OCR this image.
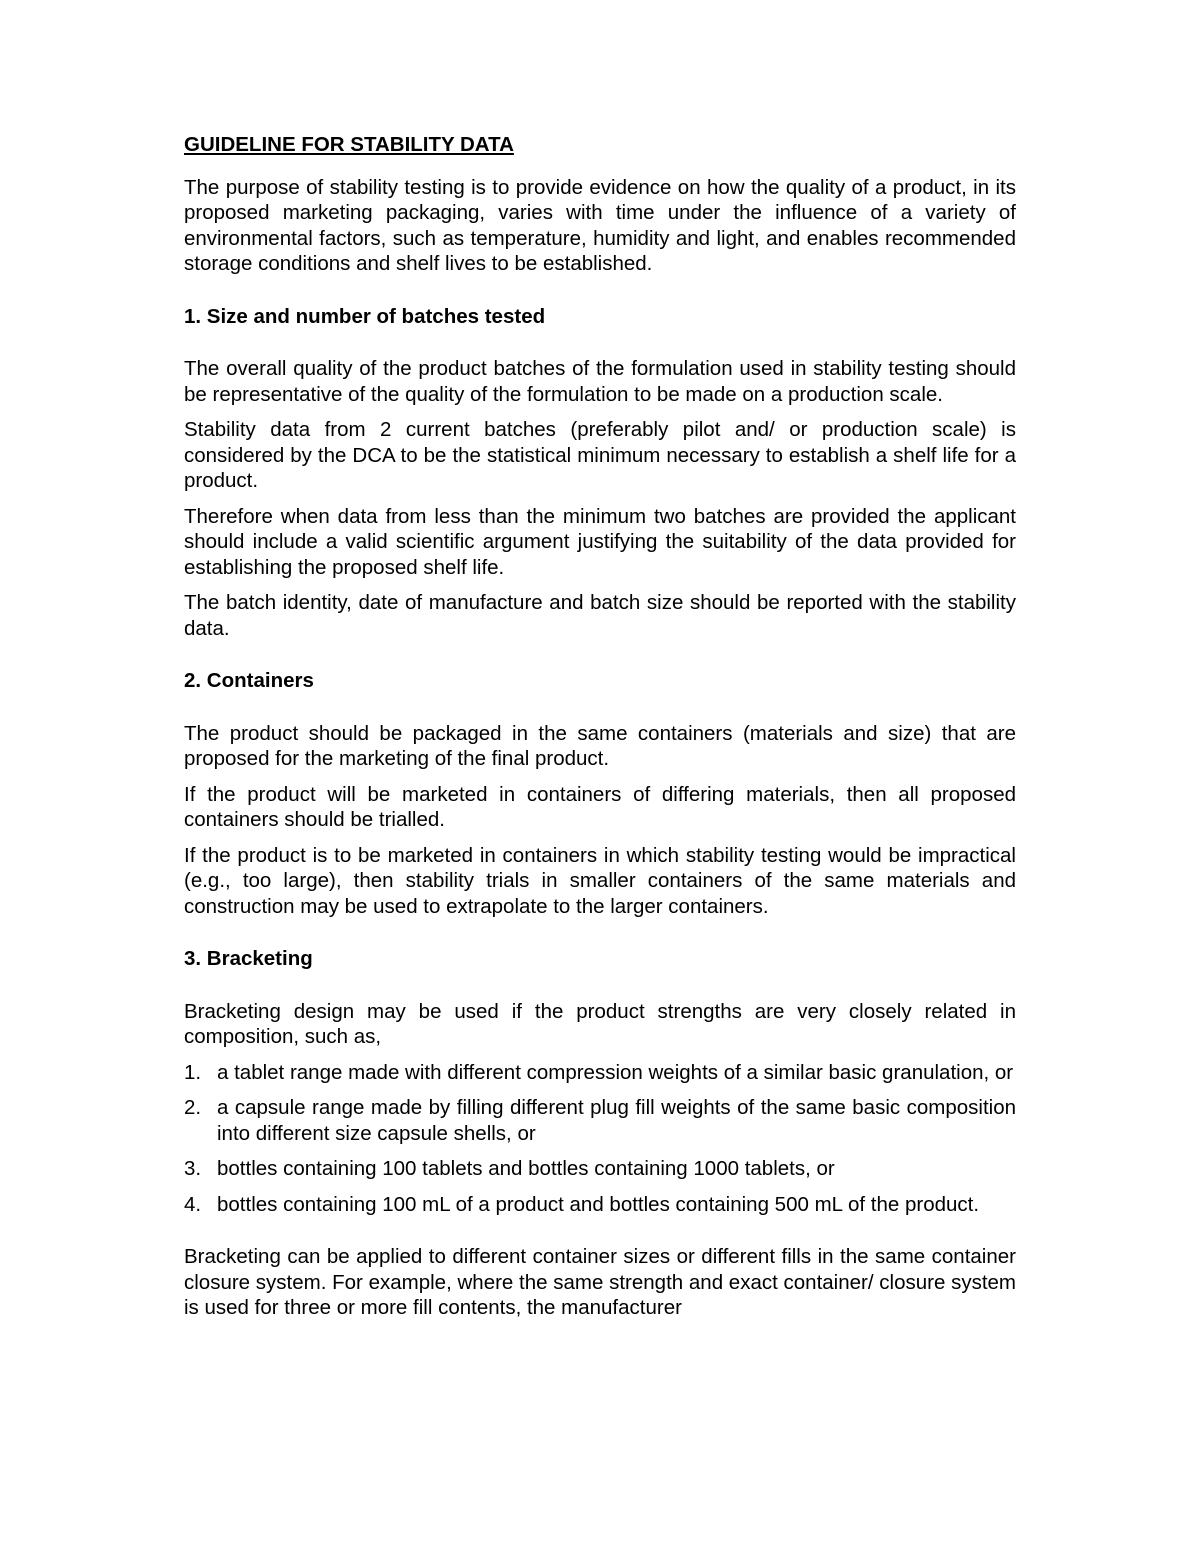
GUIDELINE FOR STABILITY DATA

The purpose of stability testing is to provide evidence on how the quality of a product, in its proposed marketing packaging, varies with time under the influence of a variety of environmental factors, such as temperature, humidity and light, and enables recommended storage conditions and shelf lives to be established.

1. Size and number of batches tested

The overall quality of the product batches of the formulation used in stability testing should be representative of the quality of the formulation to be made on a production scale.

Stability data from 2 current batches (preferably pilot and/ or production scale) is considered by the DCA to be the statistical minimum necessary to establish a shelf life for a product.

Therefore when data from less than the minimum two batches are provided the applicant should include a valid scientific argument justifying the suitability of the data provided for establishing the proposed shelf life.

The batch identity, date of manufacture and batch size should be reported with the stability data.

2. Containers

The product should be packaged in the same containers (materials and size) that are proposed for the marketing of the final product.

If the product will be marketed in containers of differing materials, then all proposed containers should be trialled.

If the product is to be marketed in containers in which stability testing would be impractical (e.g., too large), then stability trials in smaller containers of the same materials and construction may be used to extrapolate to the larger containers.

3. Bracketing

Bracketing design may be used if the product strengths are very closely related in composition, such as,

1. a tablet range made with different compression weights of a similar basic granulation, or
2. a capsule range made by filling different plug fill weights of the same basic composition into different size capsule shells, or
3. bottles containing 100 tablets and bottles containing 1000 tablets, or
4. bottles containing 100 mL of a product and bottles containing 500 mL of the product.

Bracketing can be applied to different container sizes or different fills in the same container closure system. For example, where the same strength and exact container/ closure system is used for three or more fill contents, the manufacturer
